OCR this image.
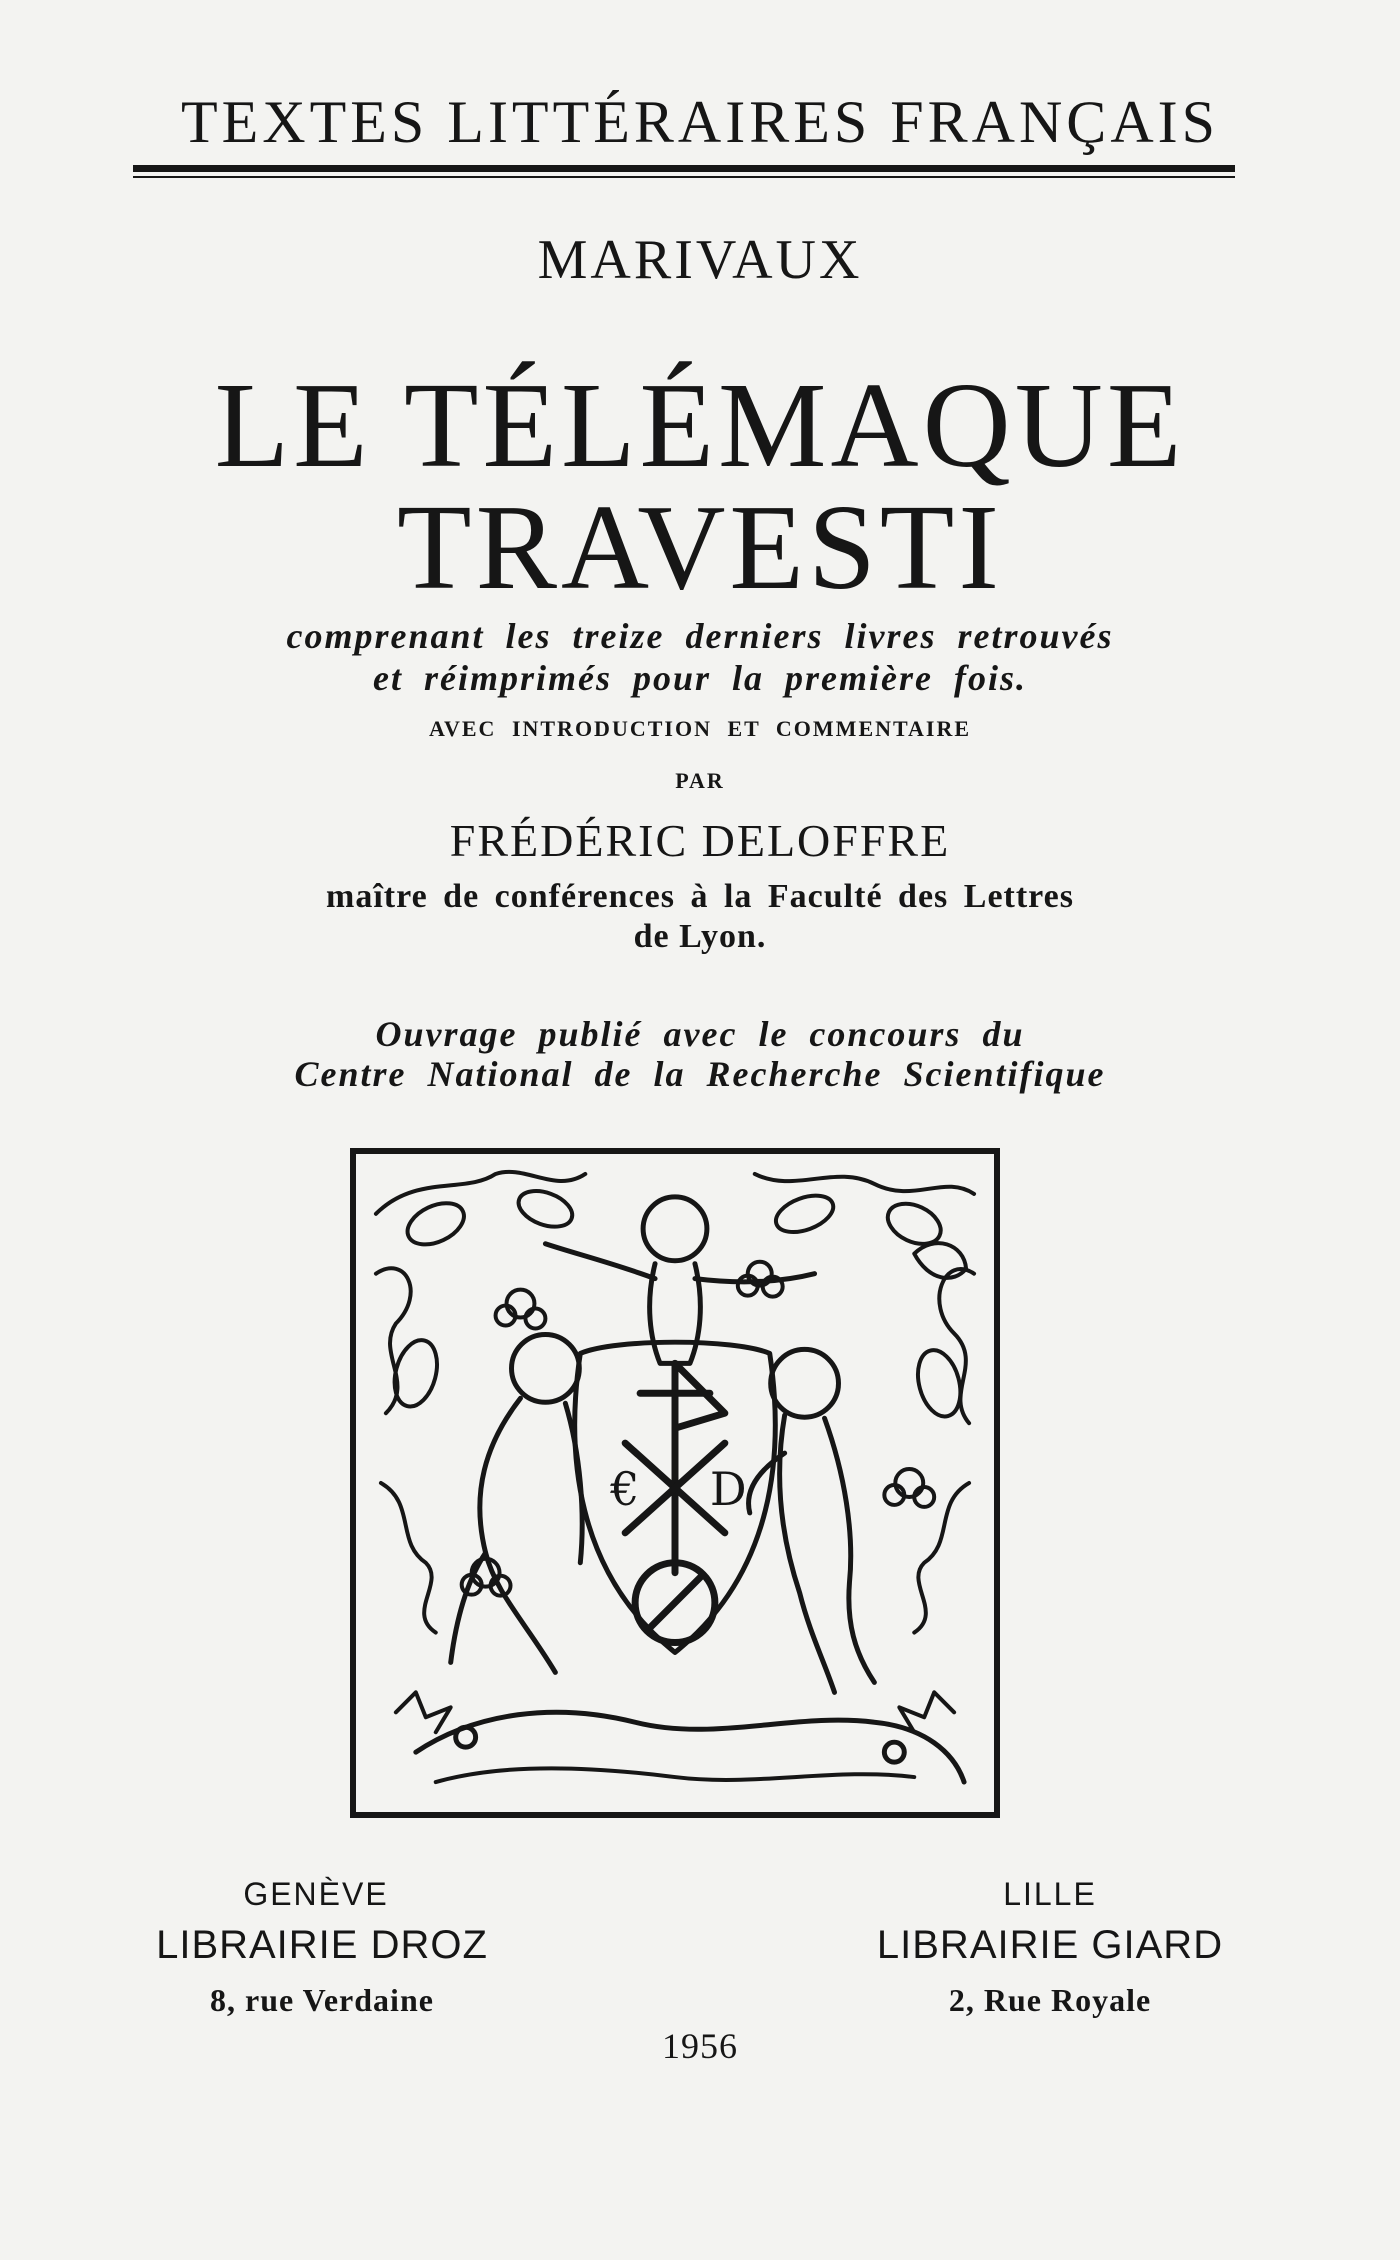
TEXTES LITTÉRAIRES FRANÇAIS
MARIVAUX
LE TÉLÉMAQUE
TRAVESTI
comprenant les treize derniers livres retrouvés
et réimprimés pour la première fois.
AVEC INTRODUCTION ET COMMENTAIRE
PAR
FRÉDÉRIC DELOFFRE
maître de conférences à la Faculté des Lettres
de Lyon.
Ouvrage publié avec le concours du
Centre National de la Recherche Scientifique
€ D
GENÈVE	LILLE
LIBRAIRIE DROZ	LIBRAIRIE GIARD
8, rue Verdaine	2, Rue Royale
1956
